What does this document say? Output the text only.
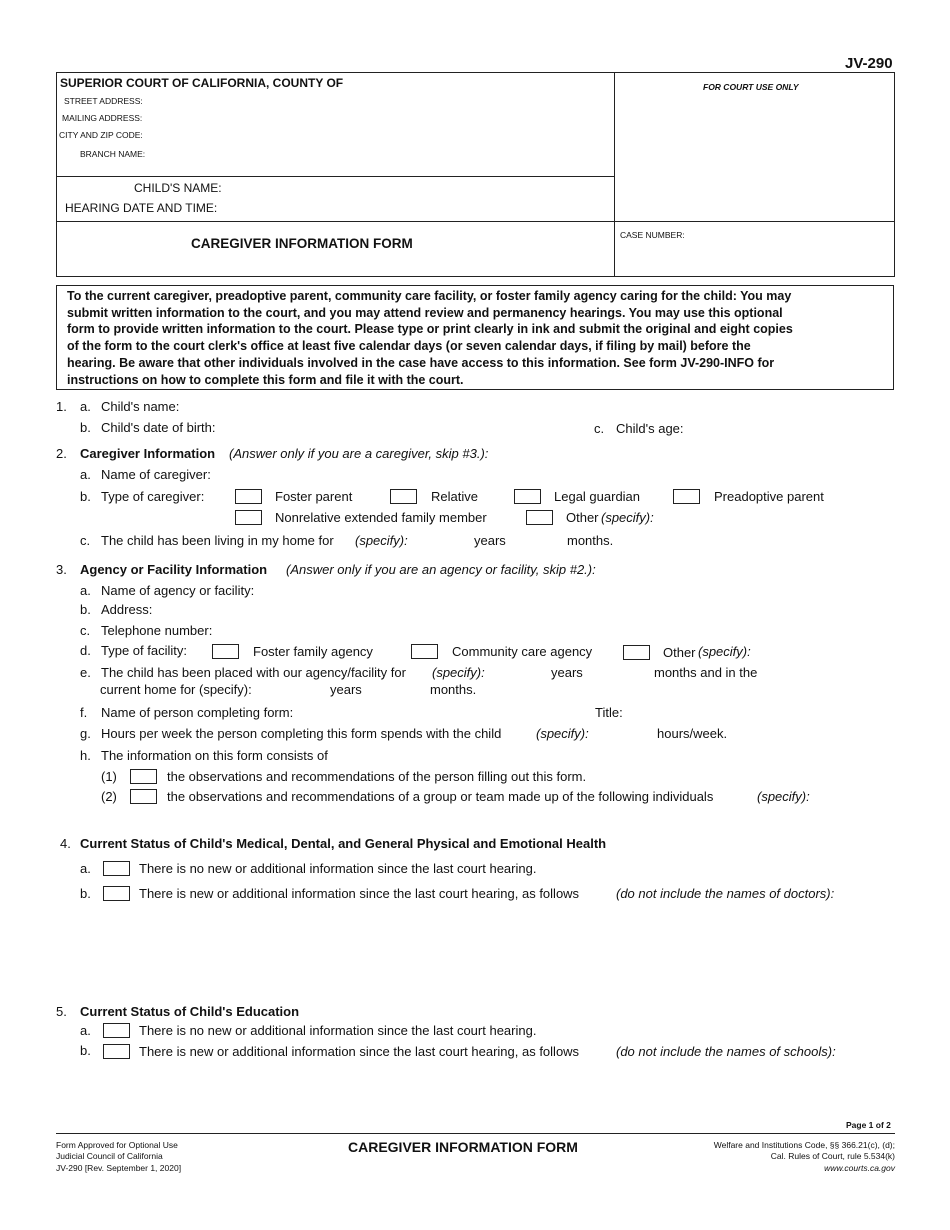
JV-290
SUPERIOR COURT OF CALIFORNIA, COUNTY OF
STREET ADDRESS:
MAILING ADDRESS:
CITY AND ZIP CODE:
BRANCH NAME:
FOR COURT USE ONLY
CHILD'S NAME:
HEARING DATE AND TIME:
CAREGIVER INFORMATION FORM
CASE NUMBER:
To the current caregiver, preadoptive parent, community care facility, or foster family agency caring for the child: You may
submit written information to the court, and you may attend review and permanency hearings. You may use this optional
form to provide written information to the court. Please type or print clearly in ink and submit the original and eight copies
of the form to the court clerk's office at least five calendar days (or seven calendar days, if filing by mail) before the
hearing. Be aware that other individuals involved in the case have access to this information. See form JV-290-INFO for
instructions on how to complete this form and file it with the court.
1. a. Child's name:
b. Child's date of birth:	c. Child's age:
2. Caregiver Information (Answer only if you are a caregiver, skip #3.):
a. Name of caregiver:
b. Type of caregiver:	Foster parent	Relative	Legal guardian	Preadoptive parent
Nonrelative extended family member	Other (specify):
c. The child has been living in my home for (specify):	years	months.
3. Agency or Facility Information (Answer only if you are an agency or facility, skip #2.):
a. Name of agency or facility:
b. Address:
c. Telephone number:
d. Type of facility:	Foster family agency	Community care agency	Other (specify):
e. The child has been placed with our agency/facility for (specify):	years	months and in the
current home for (specify):	years	months.
f. Name of person completing form:	Title:
g. Hours per week the person completing this form spends with the child	(specify):	hours/week.
h. The information on this form consists of
(1)	the observations and recommendations of the person filling out this form.
(2)	the observations and recommendations of a group or team made up of the following individuals	(specify):
4. Current Status of Child's Medical, Dental, and General Physical and Emotional Health
a.	There is no new or additional information since the last court hearing.
b.	There is new or additional information since the last court hearing, as follows	(do not include the names of doctors):
5. Current Status of Child's Education
a.	There is no new or additional information since the last court hearing.
b.	There is new or additional information since the last court hearing, as follows	(do not include the names of schools):
Page 1 of 2
Form Approved for Optional Use
Judicial Council of California
JV-290 [Rev. September 1, 2020]
CAREGIVER INFORMATION FORM	Welfare and Institutions Code, §§ 366.21(c), (d);
Cal. Rules of Court, rule 5.534(k)
www.courts.ca.gov
